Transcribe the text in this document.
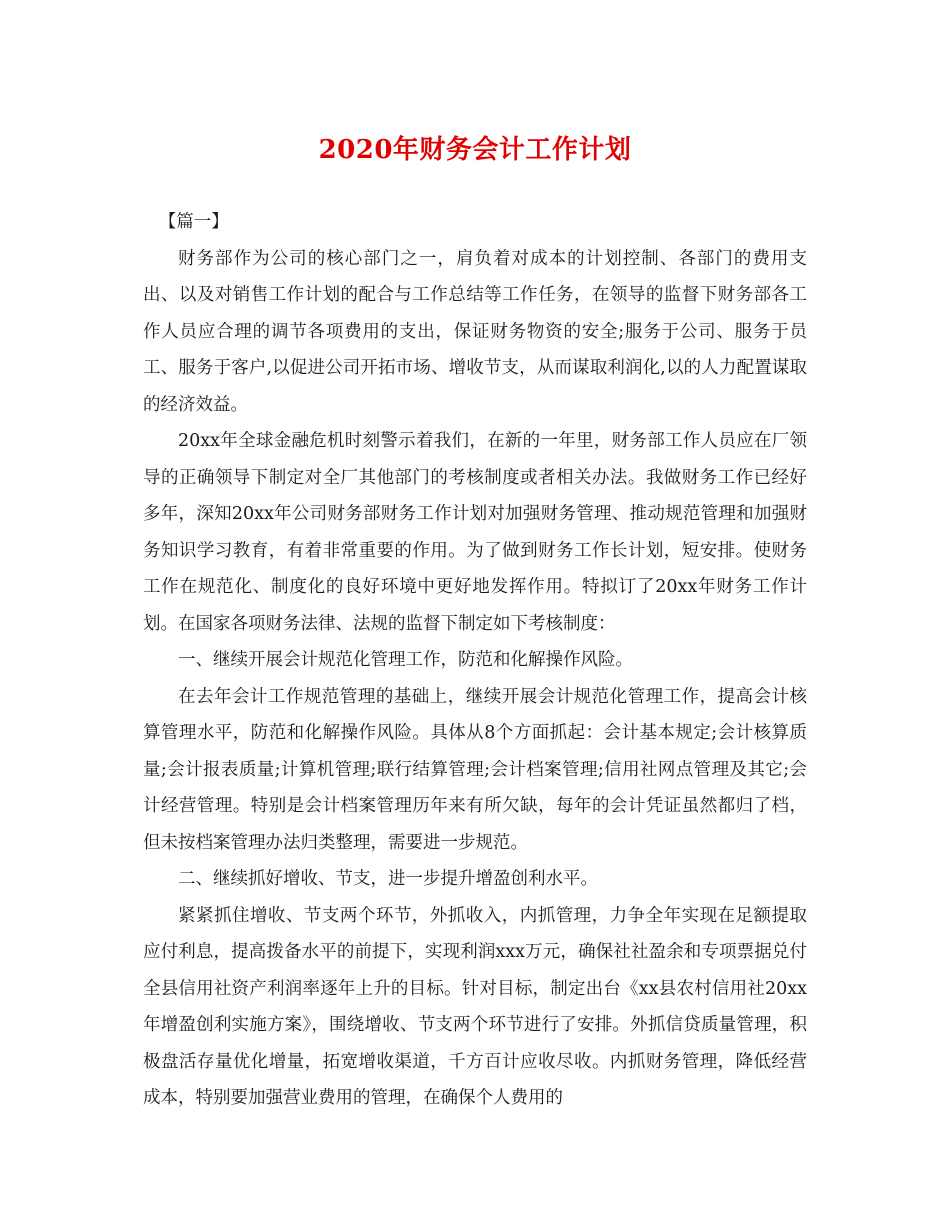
2020年财务会计工作计划

【篇一】

财务部作为公司的核心部门之一，肩负着对成本的计划控制、各部门的费用支出、以及对销售工作计划的配合与工作总结等工作任务，在领导的监督下财务部各工作人员应合理的调节各项费用的支出，保证财务物资的安全;服务于公司、服务于员工、服务于客户,以促进公司开拓市场、增收节支，从而谋取利润化,以的人力配置谋取的经济效益。

20xx年全球金融危机时刻警示着我们，在新的一年里，财务部工作人员应在厂领导的正确领导下制定对全厂其他部门的考核制度或者相关办法。我做财务工作已经好多年，深知20xx年公司财务部财务工作计划对加强财务管理、推动规范管理和加强财务知识学习教育，有着非常重要的作用。为了做到财务工作长计划，短安排。使财务工作在规范化、制度化的良好环境中更好地发挥作用。特拟订了20xx年财务工作计划。在国家各项财务法律、法规的监督下制定如下考核制度：

一、继续开展会计规范化管理工作，防范和化解操作风险。

在去年会计工作规范管理的基础上，继续开展会计规范化管理工作，提高会计核算管理水平，防范和化解操作风险。具体从8个方面抓起：会计基本规定;会计核算质量;会计报表质量;计算机管理;联行结算管理;会计档案管理;信用社网点管理及其它;会计经营管理。特别是会计档案管理历年来有所欠缺，每年的会计凭证虽然都归了档，但未按档案管理办法归类整理，需要进一步规范。

二、继续抓好增收、节支，进一步提升增盈创利水平。

紧紧抓住增收、节支两个环节，外抓收入，内抓管理，力争全年实现在足额提取应付利息，提高拨备水平的前提下，实现利润xxx万元，确保社社盈余和专项票据兑付全县信用社资产利润率逐年上升的目标。针对目标，制定出台《xx县农村信用社20xx年增盈创利实施方案》，围绕增收、节支两个环节进行了安排。外抓信贷质量管理，积极盘活存量优化增量，拓宽增收渠道，千方百计应收尽收。内抓财务管理，降低经营成本，特别要加强营业费用的管理，在确保个人费用的
